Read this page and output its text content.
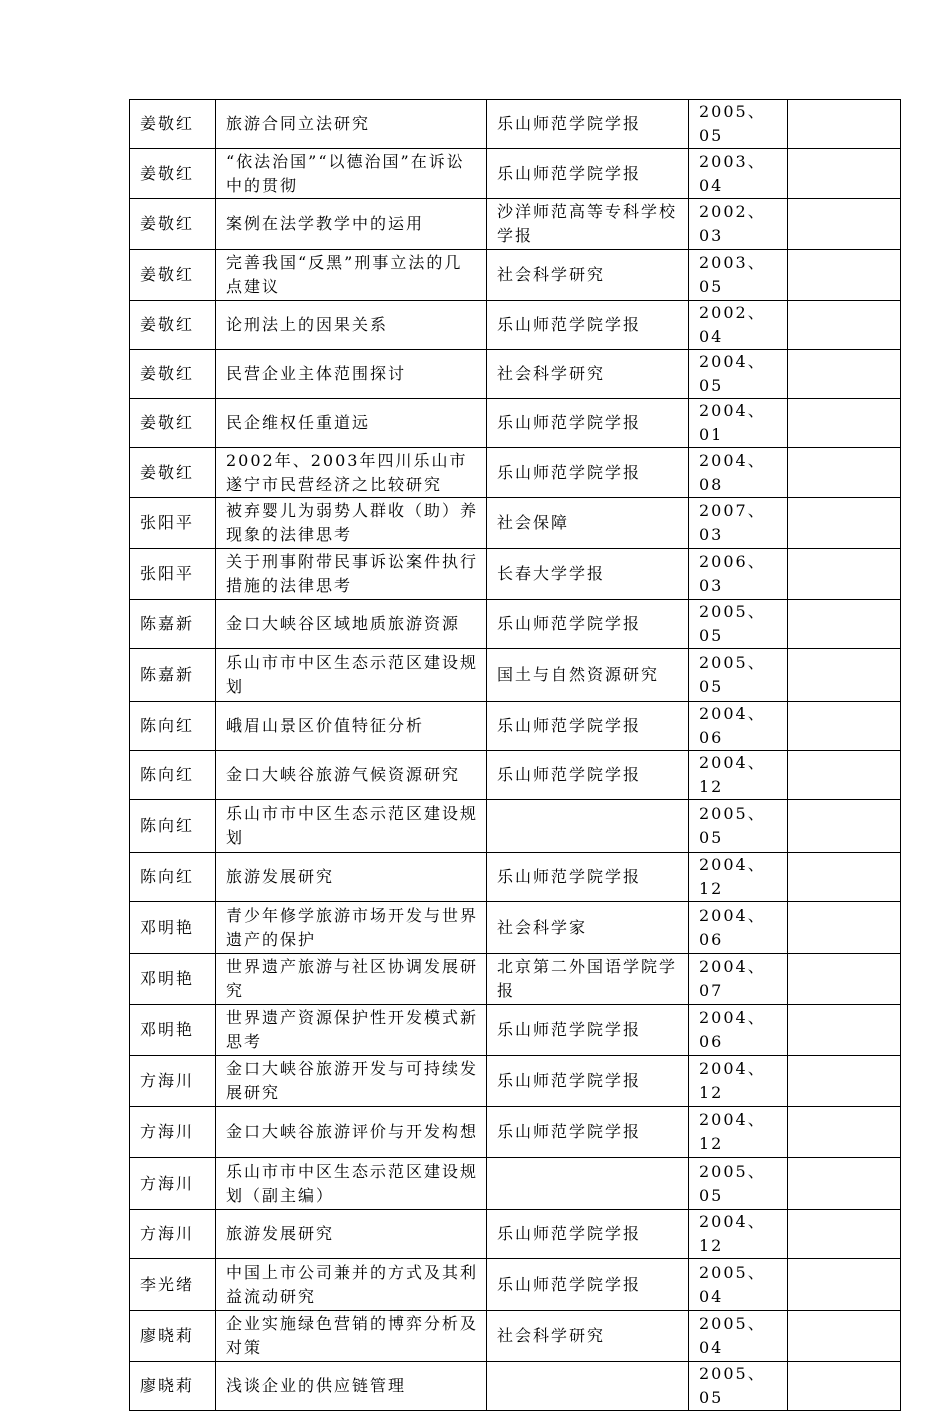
姜敬红	旅游合同立法研究	乐山师范学院学报	2005、05	
姜敬红	“依法治国”“以德治国”在诉讼中的贯彻	乐山师范学院学报	2003、04	
姜敬红	案例在法学教学中的运用	沙洋师范高等专科学校学报	2002、03	
姜敬红	完善我国“反黑”刑事立法的几点建议	社会科学研究	2003、05	
姜敬红	论刑法上的因果关系	乐山师范学院学报	2002、04	
姜敬红	民营企业主体范围探讨	社会科学研究	2004、05	
姜敬红	民企维权任重道远	乐山师范学院学报	2004、01	
姜敬红	2002年、2003年四川乐山市遂宁市民营经济之比较研究	乐山师范学院学报	2004、08	
张阳平	被弃婴儿为弱势人群收（助）养现象的法律思考	社会保障	2007、03	
张阳平	关于刑事附带民事诉讼案件执行措施的法律思考	长春大学学报	2006、03	
陈嘉新	金口大峡谷区域地质旅游资源	乐山师范学院学报	2005、05	
陈嘉新	乐山市市中区生态示范区建设规划	国土与自然资源研究	2005、05	
陈向红	峨眉山景区价值特征分析	乐山师范学院学报	2004、06	
陈向红	金口大峡谷旅游气候资源研究	乐山师范学院学报	2004、12	
陈向红	乐山市市中区生态示范区建设规划		2005、05	
陈向红	旅游发展研究	乐山师范学院学报	2004、12	
邓明艳	青少年修学旅游市场开发与世界遗产的保护	社会科学家	2004、06	
邓明艳	世界遗产旅游与社区协调发展研究	北京第二外国语学院学报	2004、07	
邓明艳	世界遗产资源保护性开发模式新思考	乐山师范学院学报	2004、06	
方海川	金口大峡谷旅游开发与可持续发展研究	乐山师范学院学报	2004、12	
方海川	金口大峡谷旅游评价与开发构想	乐山师范学院学报	2004、12	
方海川	乐山市市中区生态示范区建设规划（副主编）		2005、05	
方海川	旅游发展研究	乐山师范学院学报	2004、12	
李光绪	中国上市公司兼并的方式及其利益流动研究	乐山师范学院学报	2005、04	
廖晓莉	企业实施绿色营销的博弈分析及对策	社会科学研究	2005、04	
廖晓莉	浅谈企业的供应链管理		2005、05	
